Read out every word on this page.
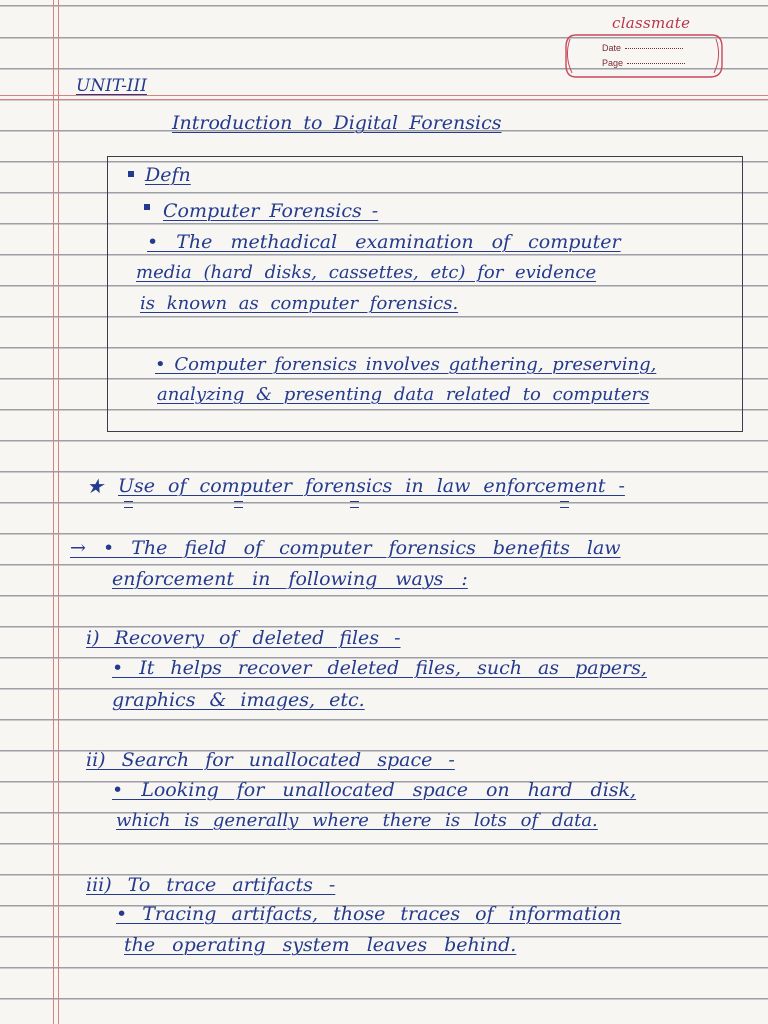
classmate
Date
Page
UNIT-III
Introduction to Digital Forensics
Defn
Computer Forensics -
• The methadical examination of computer
media (hard disks, cassettes, etc) for evidence
is known as computer forensics.
• Computer forensics involves gathering, preserving,
analyzing & presenting data related to computers
★ Use of computer forensics in law enforcement -
→ • The field of computer forensics benefits law
enforcement in following ways :
i) Recovery of deleted files -
• It helps recover deleted files, such as papers,
graphics & images, etc.
ii) Search for unallocated space -
• Looking for unallocated space on hard disk,
which is generally where there is lots of data.
iii) To trace artifacts -
• Tracing artifacts, those traces of information
the operating system leaves behind.
